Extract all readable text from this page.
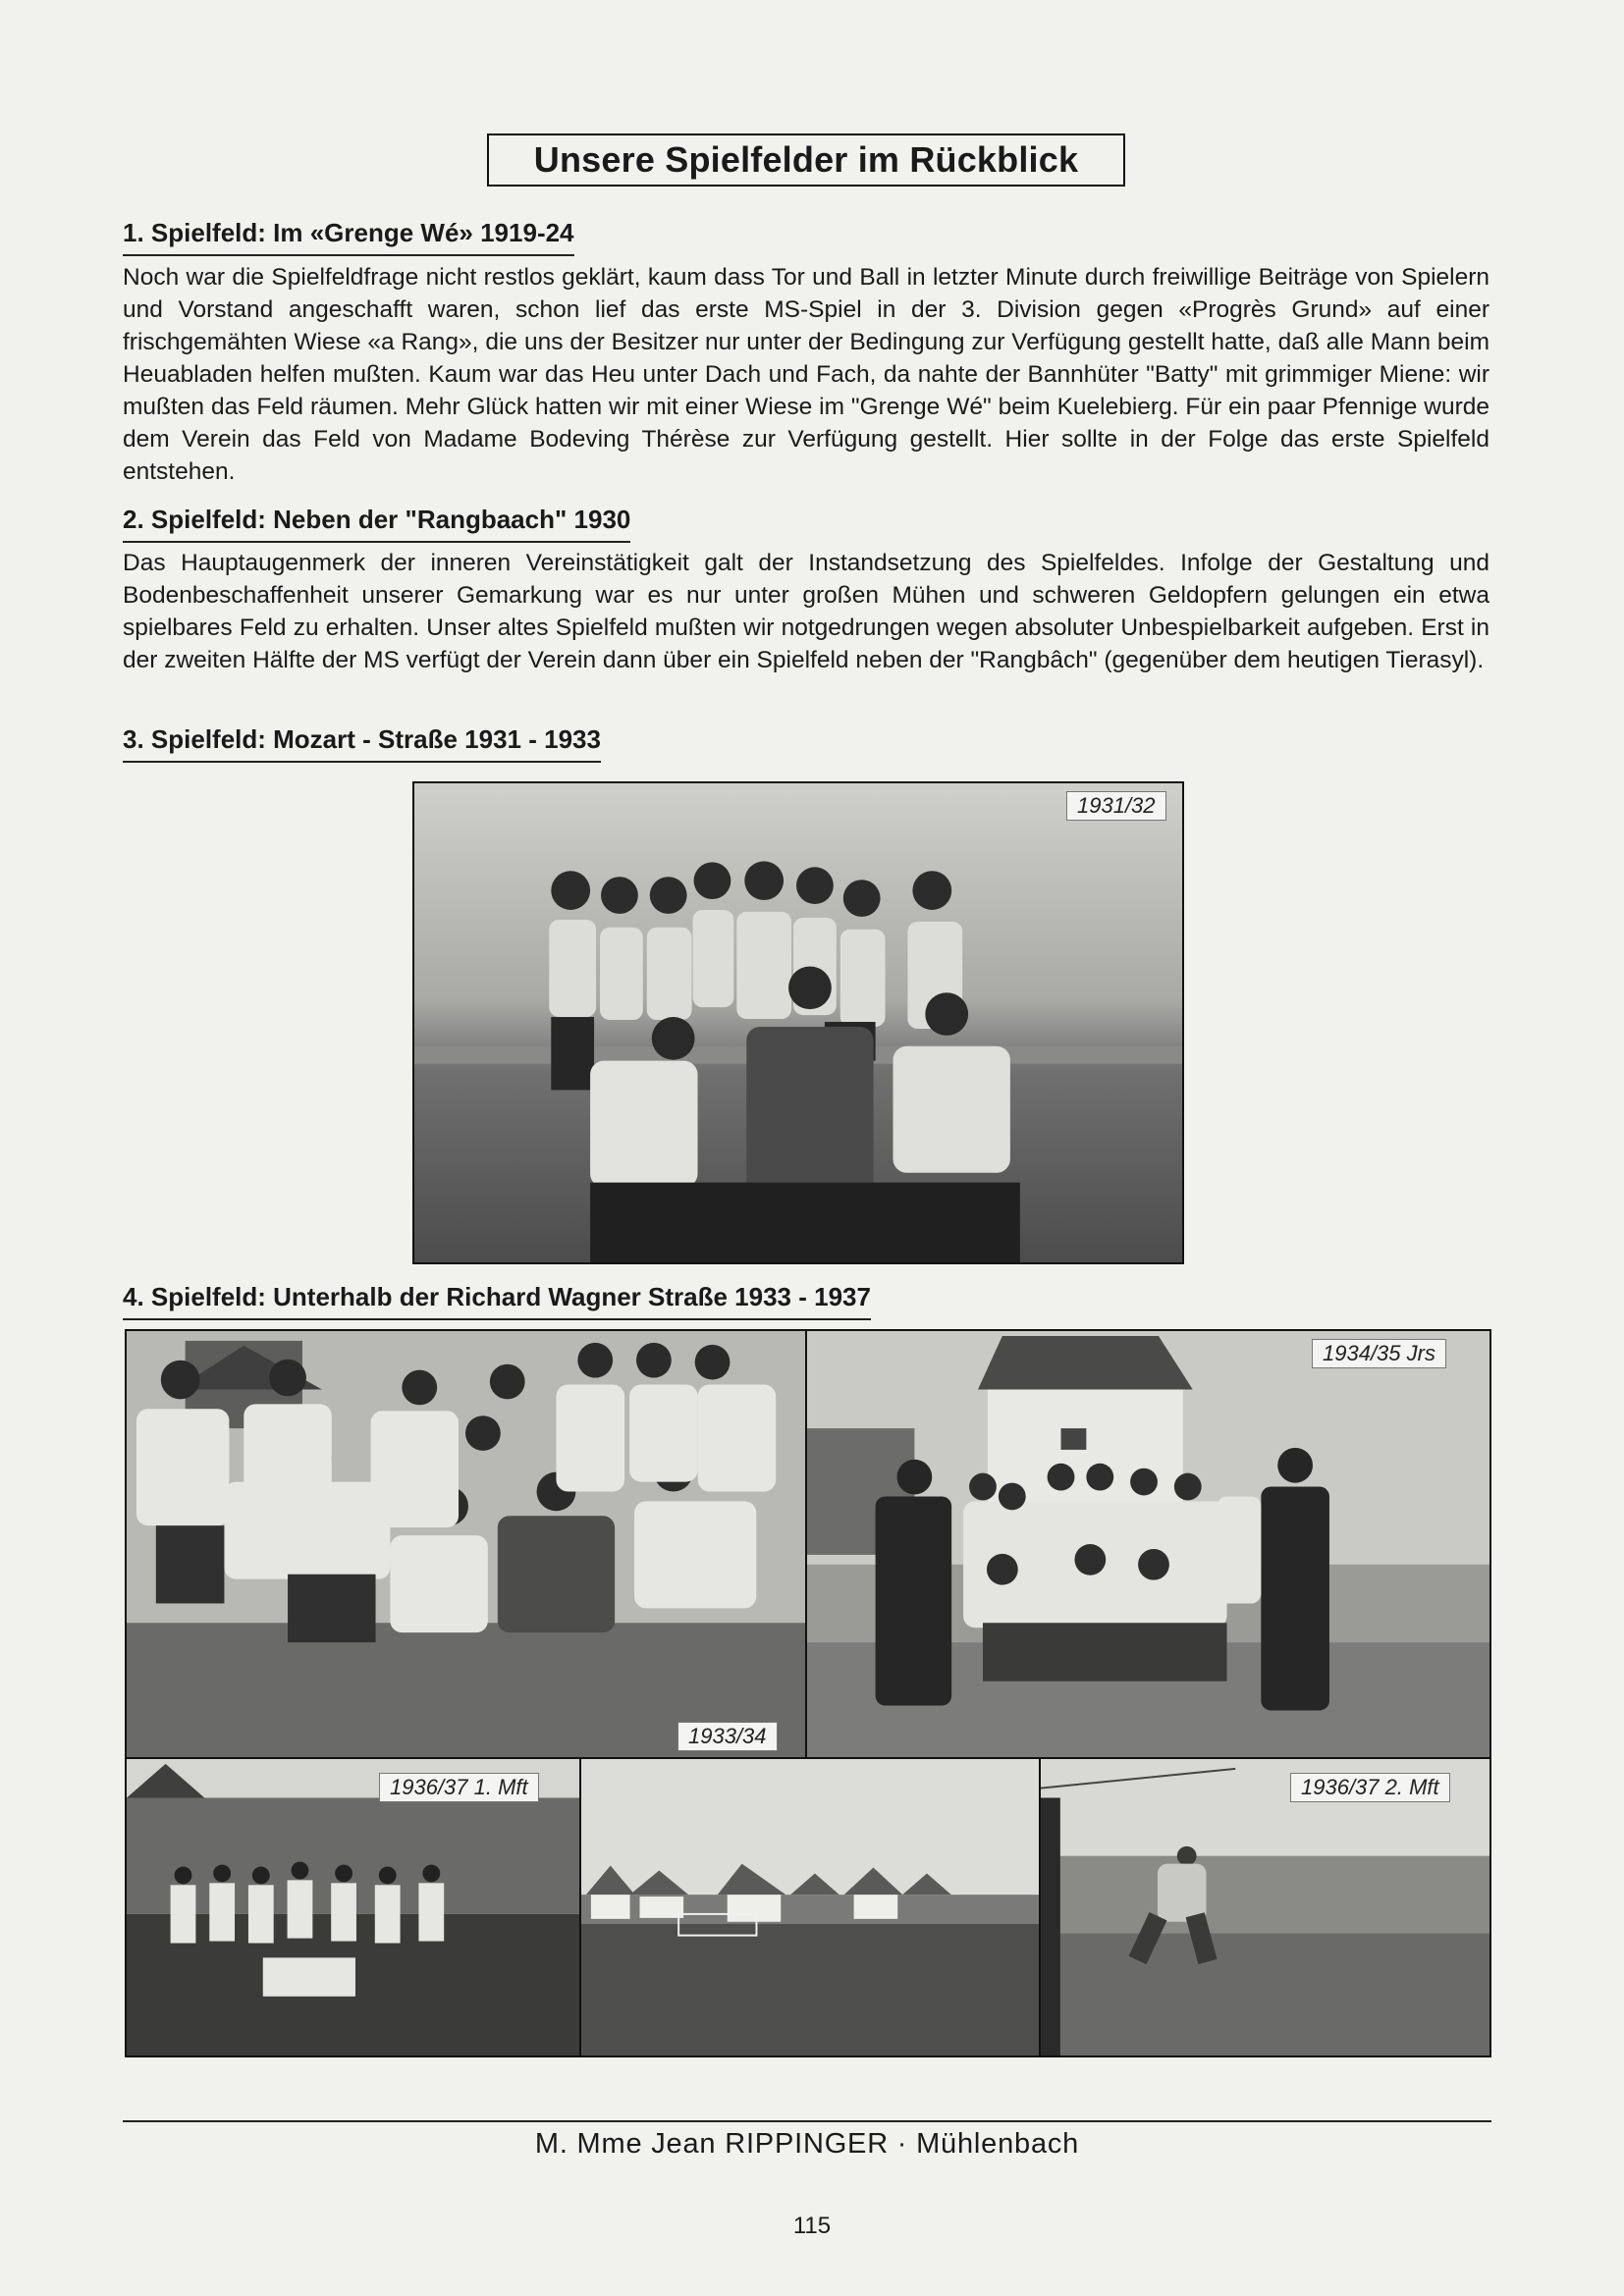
Unsere Spielfelder im Rückblick
1. Spielfeld: Im «Grenge Wé» 1919-24
Noch war die Spielfeldfrage nicht restlos geklärt, kaum dass Tor und Ball in letzter Minute durch freiwillige Beiträge von Spielern und Vorstand angeschafft waren, schon lief das erste MS-Spiel in der 3. Division gegen «Progrès Grund» auf einer frischgemähten Wiese «a Rang», die uns der Besitzer nur unter der Bedingung zur Verfügung gestellt hatte, daß alle Mann beim Heuabladen helfen mußten. Kaum war das Heu unter Dach und Fach, da nahte der Bannhüter "Batty" mit grimmiger Miene: wir mußten das Feld räumen. Mehr Glück hatten wir mit einer Wiese im "Grenge Wé" beim Kuelebierg. Für ein paar Pfennige wurde dem Verein das Feld von Madame Bodeving Thérèse zur Verfügung gestellt. Hier sollte in der Folge das erste Spielfeld entstehen.
2. Spielfeld: Neben der "Rangbaach" 1930
Das Hauptaugenmerk der inneren Vereinstätigkeit galt der Instandsetzung des Spielfeldes. Infolge der Gestaltung und Bodenbeschaffenheit unserer Gemarkung war es nur unter großen Mühen und schweren Geldopfern gelungen ein etwa spielbares Feld zu erhalten. Unser altes Spielfeld mußten wir notgedrungen wegen absoluter Unbespielbarkeit aufgeben. Erst in der zweiten Hälfte der MS verfügt der Verein dann über ein Spielfeld neben der "Rangbâch" (gegenüber dem heutigen Tierasyl).
3. Spielfeld: Mozart - Straße 1931 - 1933
1931/32
4. Spielfeld: Unterhalb der Richard Wagner Straße 1933 - 1937
1933/34
1934/35 Jrs
1936/37 1. Mft	1936/37 2. Mft
M. Mme Jean RIPPINGER · Mühlenbach
115
